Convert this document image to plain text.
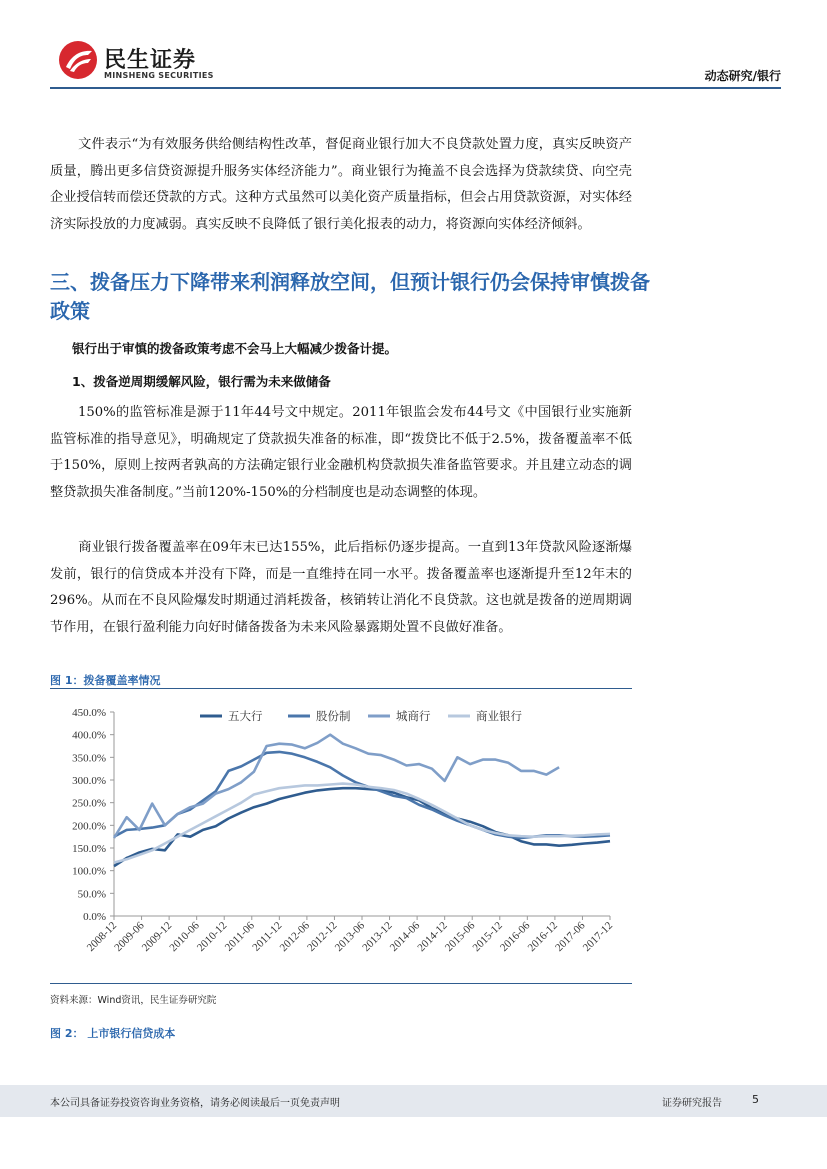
民生证券
MINSHENG SECURITIES	动态研究/银行

文件表示“为有效服务供给侧结构性改革，督促商业银行加大不良贷款处置力度，真实反映资产质量，腾出更多信贷资源提升服务实体经济能力”。商业银行为掩盖不良会选择为贷款续贷、向空壳企业授信转而偿还贷款的方式。这种方式虽然可以美化资产质量指标，但会占用贷款资源，对实体经济实际投放的力度减弱。真实反映不良降低了银行美化报表的动力，将资源向实体经济倾斜。

三、拨备压力下降带来利润释放空间，但预计银行仍会保持审慎拨备政策

银行出于审慎的拨备政策考虑不会马上大幅减少拨备计提。

1、拨备逆周期缓解风险，银行需为未来做储备

150%的监管标准是源于11年44号文中规定。2011年银监会发布44号文《中国银行业实施新监管标准的指导意见》，明确规定了贷款损失准备的标准，即“拨贷比不低于2.5%，拨备覆盖率不低于150%，原则上按两者孰高的方法确定银行业金融机构贷款损失准备监管要求。并且建立动态的调整贷款损失准备制度。”当前120%-150%的分档制度也是动态调整的体现。

商业银行拨备覆盖率在09年末已达155%，此后指标仍逐步提高。一直到13年贷款风险逐渐爆发前，银行的信贷成本并没有下降，而是一直维持在同一水平。拨备覆盖率也逐渐提升至12年末的296%。从而在不良风险爆发时期通过消耗拨备，核销转让消化不良贷款。这也就是拨备的逆周期调节作用，在银行盈利能力向好时储备拨备为未来风险暴露期处置不良做好准备。

图 1：拨备覆盖率情况
0.0%
50.0%
100.0%
150.0%
200.0%
250.0%
300.0%
350.0%
400.0%
450.0%
2008-12
2009-06
2009-12
2010-06
2010-12
2011-06
2011-12
2012-06
2012-12
2013-06
2013-12
2014-06
2014-12
2015-06
2015-12
2016-06
2016-12
2017-06
2017-12
五大行	股份制	城商行	商业银行
资料来源：Wind资讯，民生证券研究院
图 2： 上市银行信贷成本
本公司具备证券投资咨询业务资格，请务必阅读最后一页免责声明	证券研究报告	5
